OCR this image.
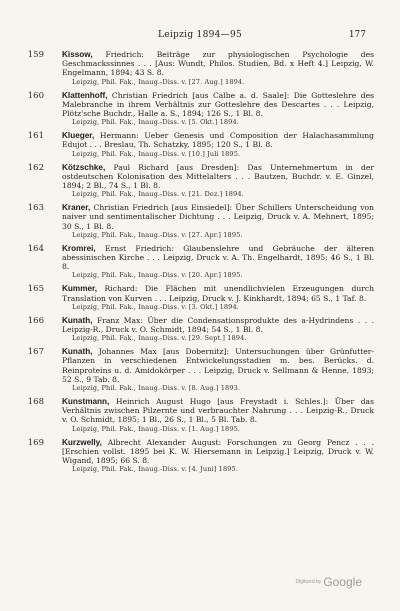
Leipzig 1894—95	177
159 Kissow, Friedrich: Beiträge zur physiologischen Psychologie des Geschmackssinnes . . . [Aus: Wundt, Philos. Studien, Bd. x Heft 4.] Leipzig, W. Engelmann, 1894; 43 S. 8.
Leipzig, Phil. Fak., Inaug.-Diss. v. [27. Aug.] 1894.
160 Klattenhoff, Christian Friedrich [aus Calbe a. d. Saale]: Die Gotteslehre des Malebranche in ihrem Verhältnis zur Gotteslehre des Descartes . . . Leipzig, Plötz'sche Buchdr., Halle a. S., 1894; 126 S., 1 Bl. 8.
Leipzig, Phil. Fak., Inaug.-Diss. v. [5. Okt.] 1894.
161 Klueger, Hermann: Ueber Genesis und Composition der Halachasammlung Edujot . . . Breslau, Th. Schatzky, 1895; 120 S., 1 Bl. 8.
Leipzig, Phil. Fak., Inaug.-Diss. v. [10.] Juli 1895.
162 Kötzschke, Paul Richard [aus Dresden]: Das Unternehmertum in der ostdeutschen Kolonisation des Mittelalters . . . Bautzen, Buchdr. v. E. Ginzel, 1894; 2 Bl., 74 S., 1 Bl. 8.
Leipzig, Phil. Fak., Inaug.-Diss. v. [21. Dez.] 1894.
163 Kraner, Christian Friedrich [aus Einsiedel]: Über Schillers Unterscheidung von naiver und sentimentalischer Dichtung . . . Leipzig, Druck v. A. Mehnert, 1895; 30 S., 1 Bl. 8.
Leipzig, Phil. Fak., Inaug.-Diss. v. [27. Apr.] 1895.
164 Kromrei, Ernst Friedrich: Glaubenslehre und Gebräuche der älteren abessinischen Kirche . . . Leipzig, Druck v. A. Th. Engelhardt, 1895; 46 S., 1 Bl. 8.
Leipzig, Phil. Fak., Inaug.-Diss. v. [20. Apr.] 1895.
165 Kummer, Richard: Die Flächen mit unendlichvielen Erzeugungen durch Translation von Kurven . . . Leipzig, Druck v. J. Kinkhardt, 1894; 65 S., 1 Taf. 8.
Leipzig, Phil. Fak., Inaug.-Diss. v. [3. Okt.] 1894.
166 Kunath, Franz Max: Über die Condensationsprodukte des a-Hydrindens . . . Leipzig-R., Druck v. O. Schmidt, 1894; 54 S., 1 Bl. 8.
Leipzig, Phil. Fak., Inaug.-Diss. v. [29. Sept.] 1894.
167 Kunath, Johannes Max [aus Dobernitz]: Untersuchungen über Grünfutter-Pflanzen in verschiedenen Entwickelungsstadien m. bes. Berücks. d. Reinproteins u. d. Amidokörper . . . Leipzig, Druck v. Sellmann & Henne, 1893; 52 S., 9 Tab. 8.
Leipzig, Phil. Fak., Inaug.-Diss. v. [8. Aug.] 1893.
168 Kunstmann, Heinrich August Hugo [aus Freystadt i. Schles.]: Über das Verhältnis zwischen Pilzernte und verbrauchter Nahrung . . . Leipzig-R., Druck v. O. Schmidt, 1895; 1 Bl., 26 S., 1 Bl., 5 Bl. Tab. 8.
Leipzig, Phil. Fak., Inaug.-Diss. v. [1. Aug.] 1895.
169 Kurzwelly, Albrecht Alexander August: Forschungen zu Georg Pencz . . . [Erschien vollst. 1895 bei K. W. Hiersemann in Leipzig.] Leipzig, Druck v. W. Wigand, 1895; 66 S. 8.
Leipzig, Phil. Fak., Inaug.-Diss. v. [4. Juni] 1895.
Digitized by Google
